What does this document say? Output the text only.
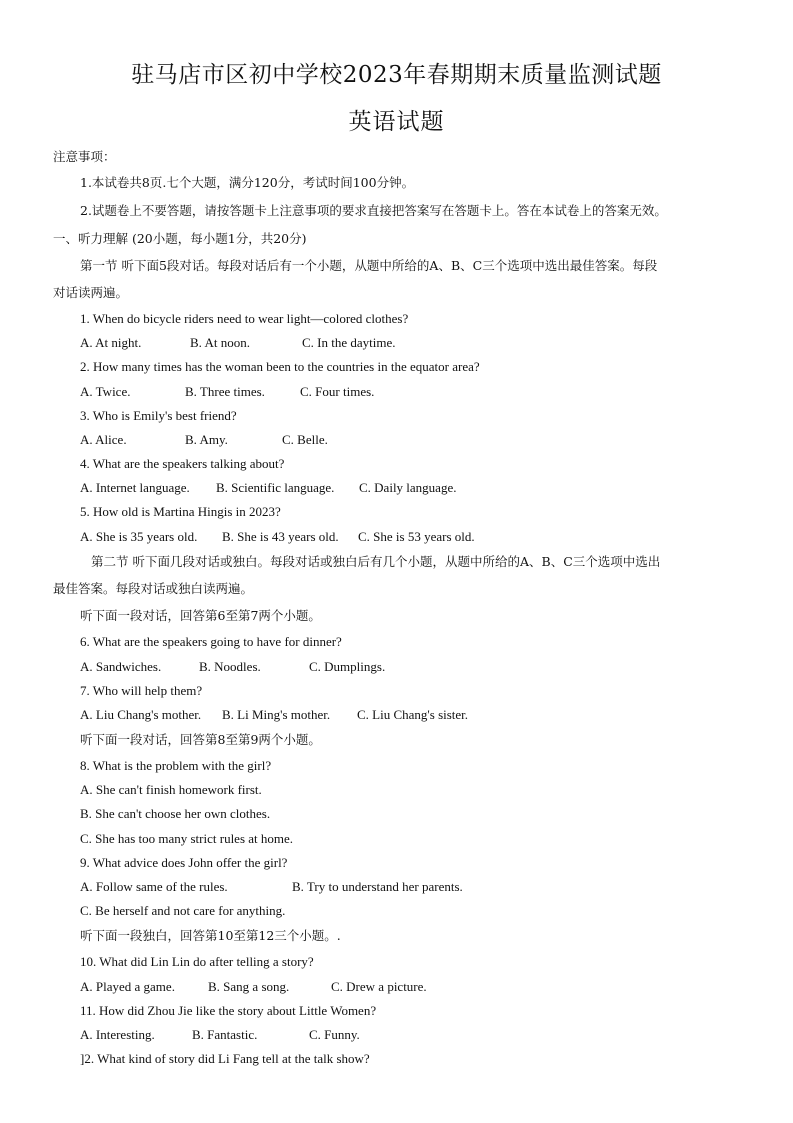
驻马店市区初中学校2023年春期期末质量监测试题
英语试题
注意事项：
1.本试卷共8页.七个大题，满分120分，考试时间100分钟。
2.试题卷上不要答题，请按答题卡上注意事项的要求直接把答案写在答题卡上。答在本试卷上的答案无效。
一、听力理解 (20小题，每小题1分，共20分)
第一节 听下面5段对话。每段对话后有一个小题，从题中所给的A、B、C三个选项中选出最佳答案。每段
对话读两遍。
1. When do bicycle riders need to wear light—colored clothes?
A. At night.	B. At noon.	C. In the daytime.
2. How many times has the woman been to the countries in the equator area?
A. Twice.	B. Three times.	C. Four times.
3. Who is Emily's best friend?
A. Alice.	B. Amy.	C. Belle.
4. What are the speakers talking about?
A. Internet language. B. Scientific language. C. Daily language.
5. How old is Martina Hingis in 2023?
A. She is 35 years old. B. She is 43 years old. C. She is 53 years old.
第二节 听下面几段对话或独白。每段对话或独白后有几个小题，从题中所给的A、B、C三个选项中选出
最佳答案。每段对话或独白读两遍。
听下面一段对话，回答第6至第7两个小题。
6. What are the speakers going to have for dinner?
A. Sandwiches.	B. Noodles.	C. Dumplings.
7. Who will help them?
A. Liu Chang's mother. B. Li Ming's mother. C. Liu Chang's sister.
听下面一段对话，回答第8至第9两个小题。
8. What is the problem with the girl?
A. She can't finish homework first.
B. She can't choose her own clothes.
C. She has too many strict rules at home.
9. What advice does John offer the girl?
A. Follow same of the rules.	B. Try to understand her parents.
C. Be herself and not care for anything.
听下面一段独白，回答第10至第12三个小题。.
10. What did Lin Lin do after telling a story?
A. Played a game.	B. Sang a song.	C. Drew a picture.
11. How did Zhou Jie like the story about Little Women?
A. Interesting.	B. Fantastic.	C. Funny.
]2. What kind of story did Li Fang tell at the talk show?
